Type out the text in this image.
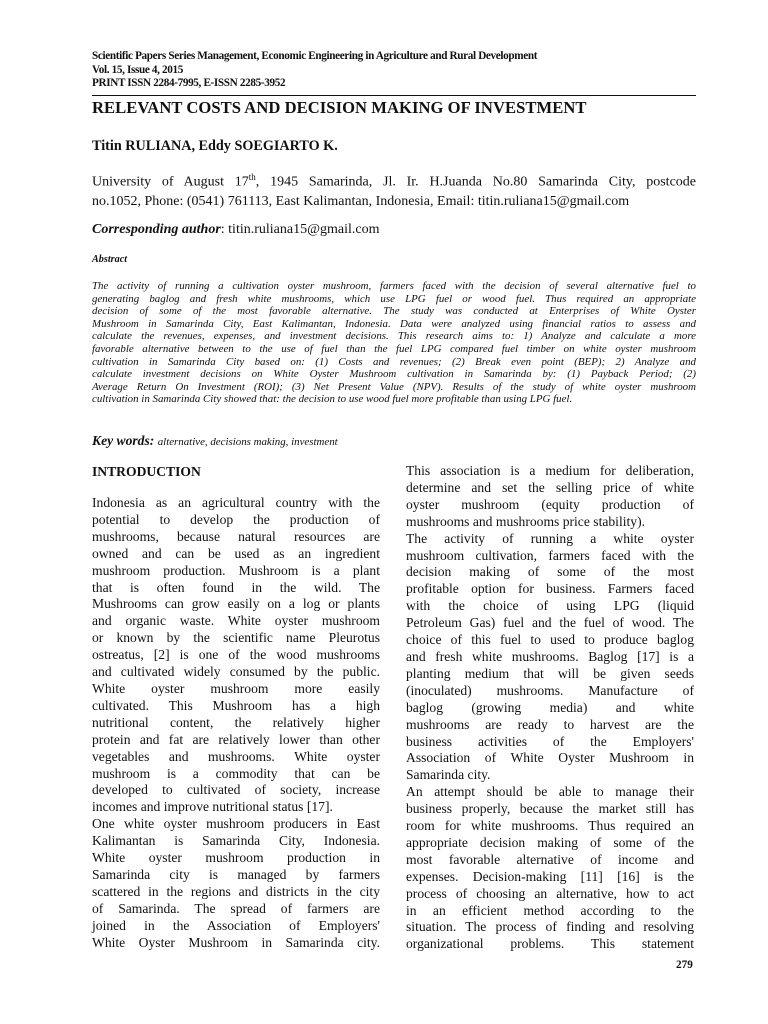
Scientific Papers Series Management, Economic Engineering in Agriculture and Rural Development
Vol. 15, Issue 4, 2015
PRINT ISSN 2284-7995, E-ISSN 2285-3952
RELEVANT COSTS AND DECISION MAKING OF INVESTMENT
Titin RULIANA, Eddy SOEGIARTO K.
University of August 17th, 1945 Samarinda, Jl. Ir. H.Juanda No.80 Samarinda City, postcode
no.1052, Phone: (0541) 761113, East Kalimantan, Indonesia, Email: titin.ruliana15@gmail.com
Corresponding author: titin.ruliana15@gmail.com
Abstract
The activity of running a cultivation oyster mushroom, farmers faced with the decision of several alternative fuel to
generating baglog and fresh white mushrooms, which use LPG fuel or wood fuel. Thus required an appropriate
decision of some of the most favorable alternative. The study was conducted at Enterprises of White Oyster
Mushroom in Samarinda City, East Kalimantan, Indonesia. Data were analyzed using financial ratios to assess and
calculate the revenues, expenses, and investment decisions. This research aims to: 1) Analyze and calculate a more
favorable alternative between to the use of fuel than the fuel LPG compared fuel timber on white oyster mushroom
cultivation in Samarinda City based on: (1) Costs and revenues; (2) Break even point (BEP); 2) Analyze and
calculate investment decisions on White Oyster Mushroom cultivation in Samarinda by: (1) Payback Period; (2)
Average Return On Investment (ROI); (3) Net Present Value (NPV). Results of the study of white oyster mushroom
cultivation in Samarinda City showed that: the decision to use wood fuel more profitable than using LPG fuel.
Key words: alternative, decisions making, investment
INTRODUCTION
Indonesia as an agricultural country with the
potential to develop the production of
mushrooms, because natural resources are
owned and can be used as an ingredient
mushroom production. Mushroom is a plant
that is often found in the wild. The
Mushrooms can grow easily on a log or plants
and organic waste. White oyster mushroom
or known by the scientific name Pleurotus
ostreatus, [2] is one of the wood mushrooms
and cultivated widely consumed by the public.
White oyster mushroom more easily
cultivated. This Mushroom has a high
nutritional content, the relatively higher
protein and fat are relatively lower than other
vegetables and mushrooms. White oyster
mushroom is a commodity that can be
developed to cultivated of society, increase
incomes and improve nutritional status [17].
One white oyster mushroom producers in East
Kalimantan is Samarinda City, Indonesia.
White oyster mushroom production in
Samarinda city is managed by farmers
scattered in the regions and districts in the city
of Samarinda. The spread of farmers are
joined in the Association of Employers'
White Oyster Mushroom in Samarinda city.
This association is a medium for deliberation,
determine and set the selling price of white
oyster mushroom (equity production of
mushrooms and mushrooms price stability).
The activity of running a white oyster
mushroom cultivation, farmers faced with the
decision making of some of the most
profitable option for business. Farmers faced
with the choice of using LPG (liquid
Petroleum Gas) fuel and the fuel of wood. The
choice of this fuel to used to produce baglog
and fresh white mushrooms. Baglog [17] is a
planting medium that will be given seeds
(inoculated) mushrooms. Manufacture of
baglog (growing media) and white
mushrooms are ready to harvest are the
business activities of the Employers'
Association of White Oyster Mushroom in
Samarinda city.
An attempt should be able to manage their
business properly, because the market still has
room for white mushrooms. Thus required an
appropriate decision making of some of the
most favorable alternative of income and
expenses. Decision-making [11] [16] is the
process of choosing an alternative, how to act
in an efficient method according to the
situation. The process of finding and resolving
organizational problems. This statement
279
